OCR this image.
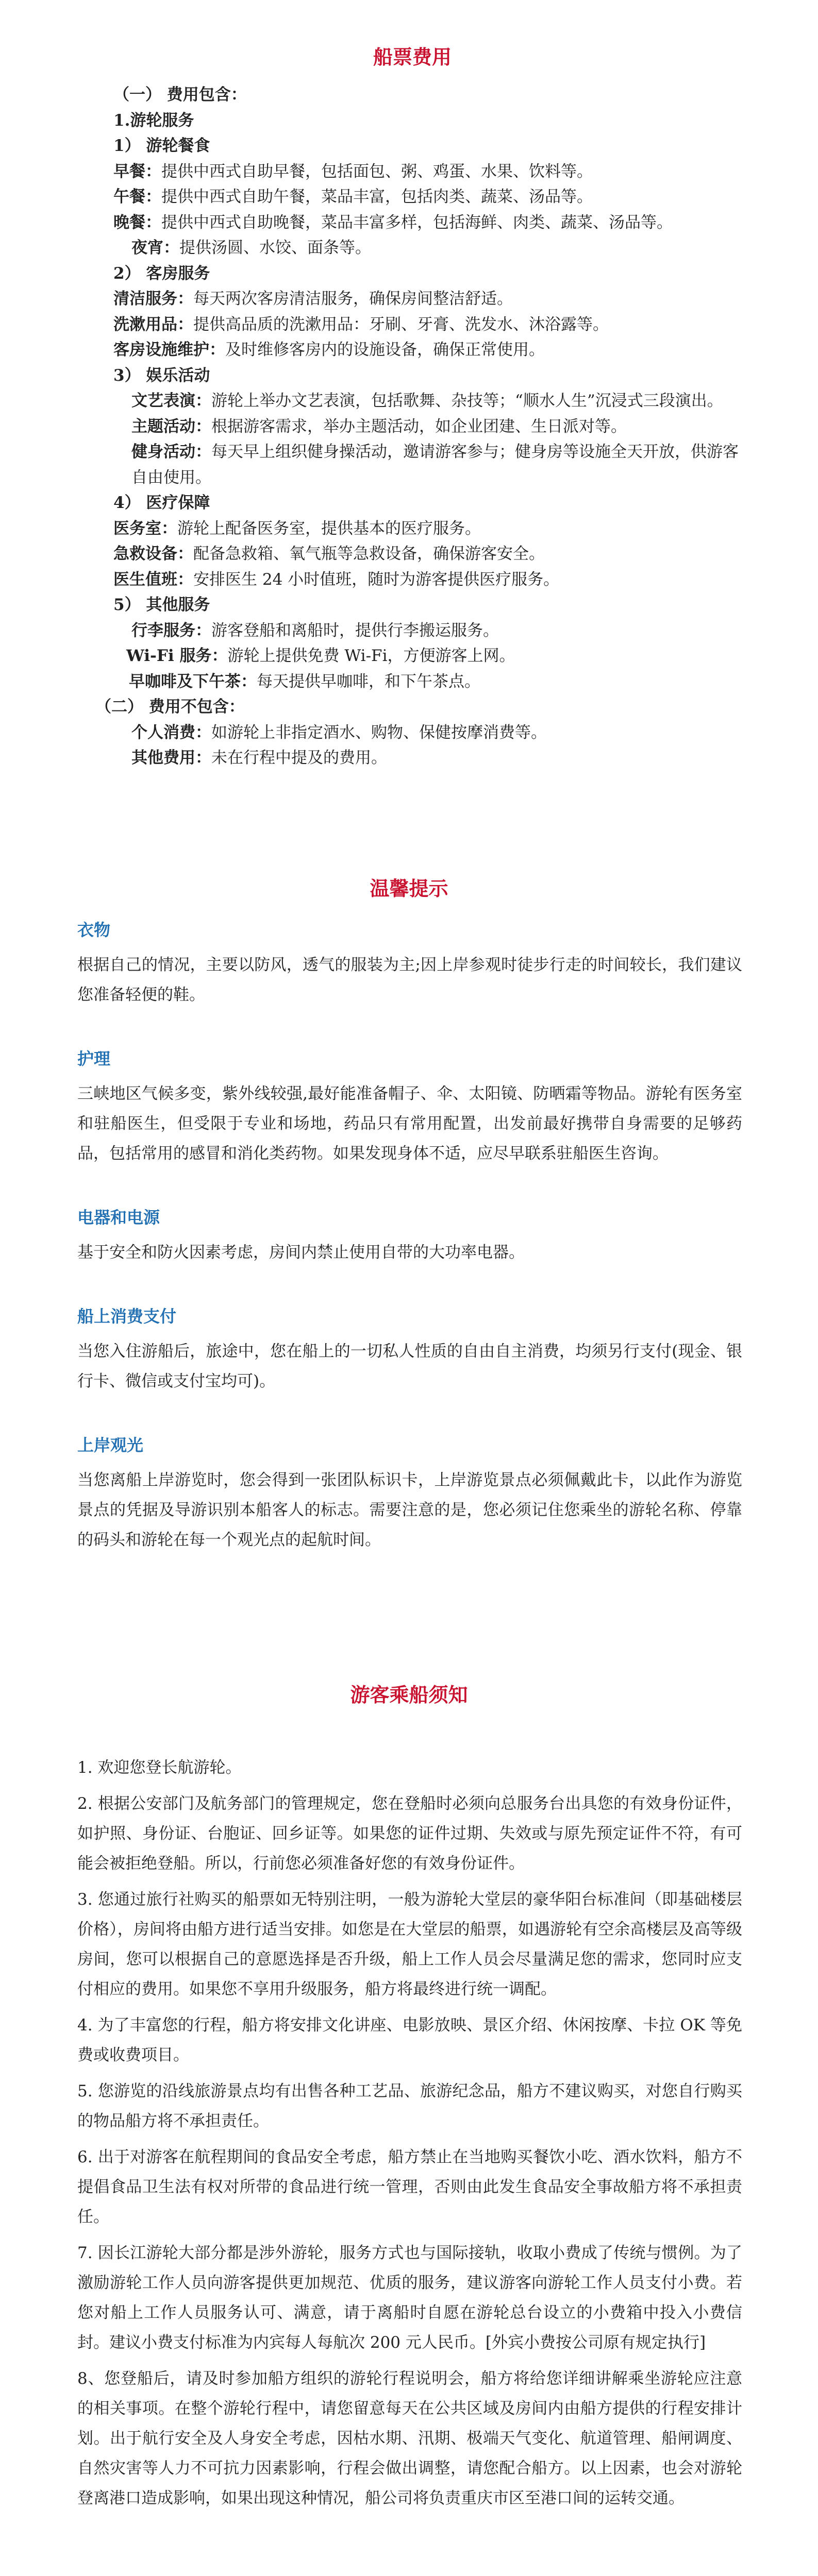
船票费用
（一） 费用包含：
1.游轮服务
1） 游轮餐食
早餐：提供中西式自助早餐，包括面包、粥、鸡蛋、水果、饮料等。
午餐：提供中西式自助午餐，菜品丰富，包括肉类、蔬菜、汤品等。
晚餐：提供中西式自助晚餐，菜品丰富多样，包括海鲜、肉类、蔬菜、汤品等。
夜宵：提供汤圆、水饺、面条等。
2） 客房服务
清洁服务：每天两次客房清洁服务，确保房间整洁舒适。
洗漱用品：提供高品质的洗漱用品：牙刷、牙膏、洗发水、沐浴露等。
客房设施维护：及时维修客房内的设施设备，确保正常使用。
3） 娱乐活动
文艺表演：游轮上举办文艺表演，包括歌舞、杂技等；“顺水人生”沉浸式三段演出。
主题活动：根据游客需求，举办主题活动，如企业团建、生日派对等。
健身活动：每天早上组织健身操活动，邀请游客参与；健身房等设施全天开放，供游客自由使用。
4） 医疗保障
医务室：游轮上配备医务室，提供基本的医疗服务。
急救设备：配备急救箱、氧气瓶等急救设备，确保游客安全。
医生值班：安排医生 24 小时值班，随时为游客提供医疗服务。
5） 其他服务
行李服务：游客登船和离船时，提供行李搬运服务。
Wi-Fi 服务：游轮上提供免费 Wi-Fi，方便游客上网。
早咖啡及下午茶：每天提供早咖啡，和下午茶点。
（二） 费用不包含：
个人消费：如游轮上非指定酒水、购物、保健按摩消费等。
其他费用：未在行程中提及的费用。
温馨提示
衣物

根据自己的情况，主要以防风，透气的服装为主;因上岸参观时徒步行走的时间较长，我们建议您准备轻便的鞋。

护理

三峡地区气候多变，紫外线较强,最好能准备帽子、伞、太阳镜、防晒霜等物品。游轮有医务室和驻船医生，但受限于专业和场地，药品只有常用配置，出发前最好携带自身需要的足够药品，包括常用的感冒和消化类药物。如果发现身体不适，应尽早联系驻船医生咨询。

电器和电源

基于安全和防火因素考虑，房间内禁止使用自带的大功率电器。

船上消费支付

当您入住游船后，旅途中，您在船上的一切私人性质的自由自主消费，均须另行支付(现金、银行卡、微信或支付宝均可)。

上岸观光

当您离船上岸游览时，您会得到一张团队标识卡，上岸游览景点必须佩戴此卡，以此作为游览景点的凭据及导游识别本船客人的标志。需要注意的是，您必须记住您乘坐的游轮名称、停靠的码头和游轮在每一个观光点的起航时间。

游客乘船须知

1. 欢迎您登长航游轮。

2. 根据公安部门及航务部门的管理规定，您在登船时必须向总服务台出具您的有效身份证件，如护照、身份证、台胞证、回乡证等。如果您的证件过期、失效或与原先预定证件不符，有可能会被拒绝登船。所以，行前您必须准备好您的有效身份证件。

3. 您通过旅行社购买的船票如无特别注明，一般为游轮大堂层的豪华阳台标准间（即基础楼层价格），房间将由船方进行适当安排。如您是在大堂层的船票，如遇游轮有空余高楼层及高等级房间，您可以根据自己的意愿选择是否升级，船上工作人员会尽量满足您的需求，您同时应支付相应的费用。如果您不享用升级服务，船方将最终进行统一调配。

4. 为了丰富您的行程，船方将安排文化讲座、电影放映、景区介绍、休闲按摩、卡拉 OK 等免费或收费项目。

5. 您游览的沿线旅游景点均有出售各种工艺品、旅游纪念品，船方不建议购买，对您自行购买的物品船方将不承担责任。

6. 出于对游客在航程期间的食品安全考虑，船方禁止在当地购买餐饮小吃、酒水饮料，船方不提倡食品卫生法有权对所带的食品进行统一管理，否则由此发生食品安全事故船方将不承担责任。

7. 因长江游轮大部分都是涉外游轮，服务方式也与国际接轨，收取小费成了传统与惯例。为了激励游轮工作人员向游客提供更加规范、优质的服务，建议游客向游轮工作人员支付小费。若您对船上工作人员服务认可、满意，请于离船时自愿在游轮总台设立的小费箱中投入小费信封。建议小费支付标准为内宾每人每航次 200 元人民币。[外宾小费按公司原有规定执行]

8、您登船后，请及时参加船方组织的游轮行程说明会，船方将给您详细讲解乘坐游轮应注意的相关事项。在整个游轮行程中，请您留意每天在公共区域及房间内由船方提供的行程安排计划。出于航行安全及人身安全考虑，因枯水期、汛期、极端天气变化、航道管理、船闸调度、自然灾害等人力不可抗力因素影响，行程会做出调整，请您配合船方。以上因素，也会对游轮登离港口造成影响，如果出现这种情况，船公司将负责重庆市区至港口间的运转交通。
